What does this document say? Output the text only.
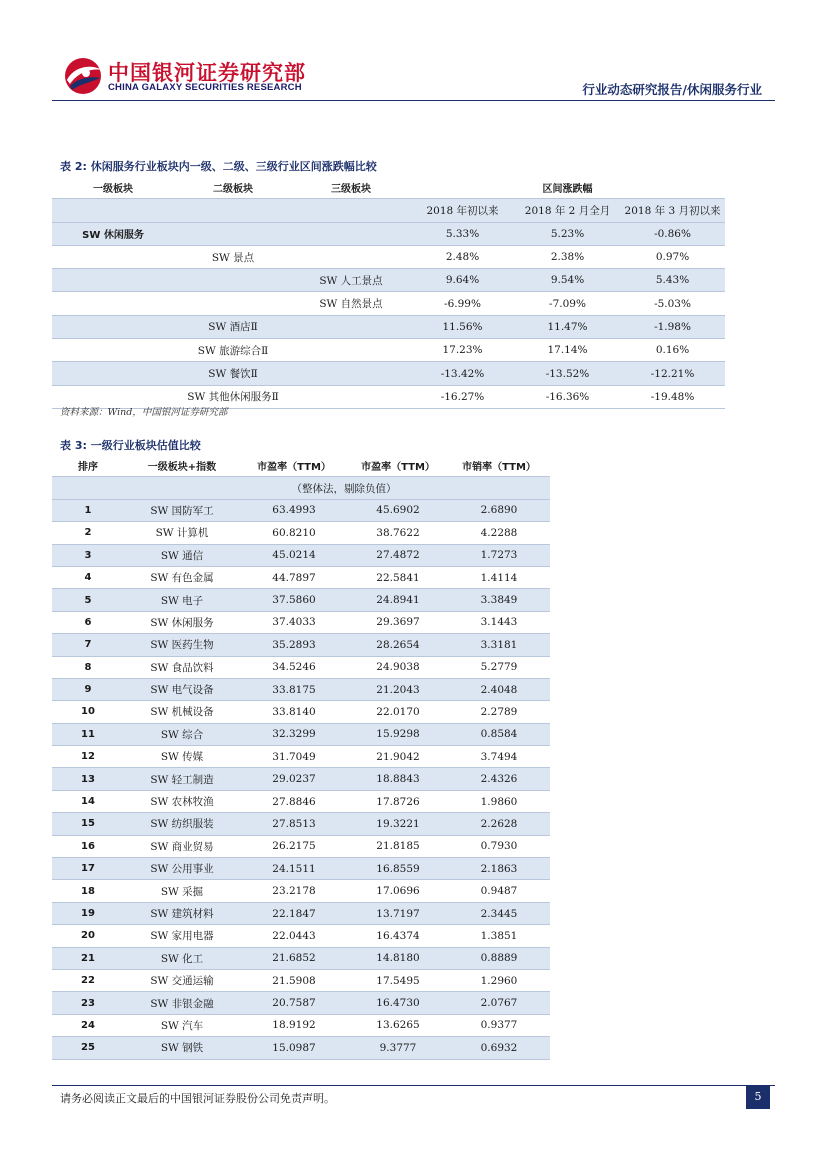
中国银河证券研究部
CHINA GALAXY SECURITIES RESEARCH	行业动态研究报告/休闲服务行业
表 2: 休闲服务行业板块内一级、二级、三级行业区间涨跌幅比较
一级板块	二级板块	三级板块	区间涨跌幅		
			2018 年初以来	2018 年 2 月全月	2018 年 3 月初以来
SW 休闲服务			5.33%	5.23%	-0.86%
	SW 景点		2.48%	2.38%	0.97%
		SW 人工景点	9.64%	9.54%	5.43%
		SW 自然景点	-6.99%	-7.09%	-5.03%
	SW 酒店Ⅱ		11.56%	11.47%	-1.98%
	SW 旅游综合Ⅱ		17.23%	17.14%	0.16%
	SW 餐饮Ⅱ		-13.42%	-13.52%	-12.21%
	SW 其他休闲服务Ⅱ		-16.27%	-16.36%	-19.48%
资料来源：Wind，中国银河证券研究部
表 3: 一级行业板块估值比较
排序	一级板块+指数	市盈率（TTM）	市盈率（TTM）	市销率（TTM）
		（整体法，剔除负值）		
1	SW 国防军工	63.4993	45.6902	2.6890
2	SW 计算机	60.8210	38.7622	4.2288
3	SW 通信	45.0214	27.4872	1.7273
4	SW 有色金属	44.7897	22.5841	1.4114
5	SW 电子	37.5860	24.8941	3.3849
6	SW 休闲服务	37.4033	29.3697	3.1443
7	SW 医药生物	35.2893	28.2654	3.3181
8	SW 食品饮料	34.5246	24.9038	5.2779
9	SW 电气设备	33.8175	21.2043	2.4048
10	SW 机械设备	33.8140	22.0170	2.2789
11	SW 综合	32.3299	15.9298	0.8584
12	SW 传媒	31.7049	21.9042	3.7494
13	SW 轻工制造	29.0237	18.8843	2.4326
14	SW 农林牧渔	27.8846	17.8726	1.9860
15	SW 纺织服装	27.8513	19.3221	2.2628
16	SW 商业贸易	26.2175	21.8185	0.7930
17	SW 公用事业	24.1511	16.8559	2.1863
18	SW 采掘	23.2178	17.0696	0.9487
19	SW 建筑材料	22.1847	13.7197	2.3445
20	SW 家用电器	22.0443	16.4374	1.3851
21	SW 化工	21.6852	14.8180	0.8889
22	SW 交通运输	21.5908	17.5495	1.2960
23	SW 非银金融	20.7587	16.4730	2.0767
24	SW 汽车	18.9192	13.6265	0.9377
25	SW 钢铁	15.0987	9.3777	0.6932
请务必阅读正文最后的中国银河证券股份公司免责声明。	5
